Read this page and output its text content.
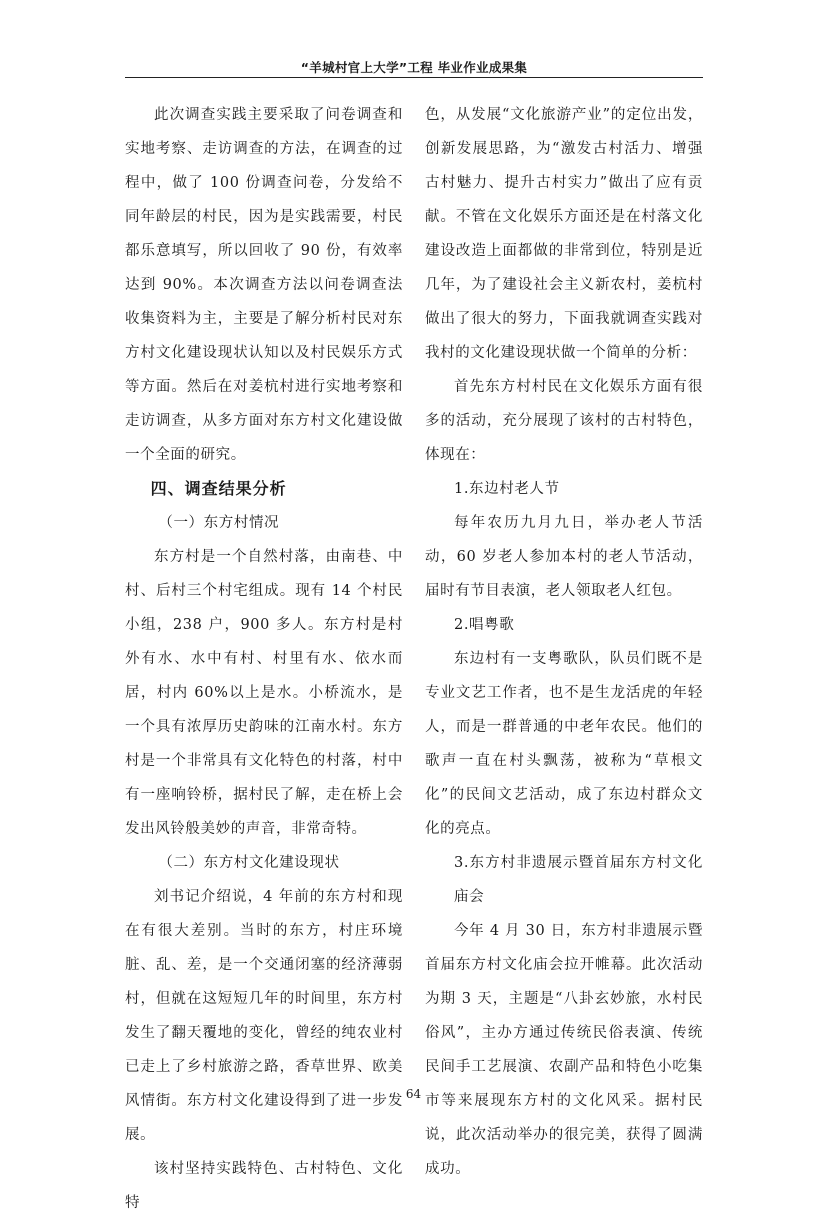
“羊城村官上大学”工程 毕业作业成果集

此次调查实践主要采取了问卷调查和实地考察、走访调查的方法，在调查的过程中，做了 100 份调查问卷，分发给不同年龄层的村民，因为是实践需要，村民都乐意填写，所以回收了 90 份，有效率达到 90%。本次调查方法以问卷调查法收集资料为主，主要是了解分析村民对东方村文化建设现状认知以及村民娱乐方式等方面。然后在对姜杭村进行实地考察和走访调查，从多方面对东方村文化建设做一个全面的研究。

四、调查结果分析

（一）东方村情况

东方村是一个自然村落，由南巷、中村、后村三个村宅组成。现有 14 个村民小组，238 户，900 多人。东方村是村外有水、水中有村、村里有水、依水而居，村内 60%以上是水。小桥流水，是一个具有浓厚历史韵味的江南水村。东方村是一个非常具有文化特色的村落，村中有一座响铃桥，据村民了解，走在桥上会发出风铃般美妙的声音，非常奇特。

（二）东方村文化建设现状

刘书记介绍说，4 年前的东方村和现在有很大差别。当时的东方，村庄环境脏、乱、差，是一个交通闭塞的经济薄弱村，但就在这短短几年的时间里，东方村发生了翻天覆地的变化，曾经的纯农业村已走上了乡村旅游之路，香草世界、欧美风情街。东方村文化建设得到了进一步发展。

该村坚持实践特色、古村特色、文化特

色，从发展“文化旅游产业”的定位出发，创新发展思路，为“激发古村活力、增强古村魅力、提升古村实力”做出了应有贡献。不管在文化娱乐方面还是在村落文化建设改造上面都做的非常到位，特别是近几年，为了建设社会主义新农村，姜杭村做出了很大的努力，下面我就调查实践对我村的文化建设现状做一个简单的分析：

首先东方村村民在文化娱乐方面有很多的活动，充分展现了该村的古村特色，体现在：

1.东边村老人节

每年农历九月九日，举办老人节活动，60 岁老人参加本村的老人节活动，届时有节目表演，老人领取老人红包。

2.唱粤歌

东边村有一支粤歌队，队员们既不是专业文艺工作者，也不是生龙活虎的年轻人，而是一群普通的中老年农民。他们的歌声一直在村头飘荡，被称为“草根文化”的民间文艺活动，成了东边村群众文化的亮点。

3.东方村非遗展示暨首届东方村文化庙会

今年 4 月 30 日，东方村非遗展示暨首届东方村文化庙会拉开帷幕。此次活动为期 3 天，主题是“八卦玄妙旅，水村民俗风”，主办方通过传统民俗表演、传统民间手工艺展演、农副产品和特色小吃集市等来展现东方村的文化风采。据村民说，此次活动举办的很完美，获得了圆满成功。

64
